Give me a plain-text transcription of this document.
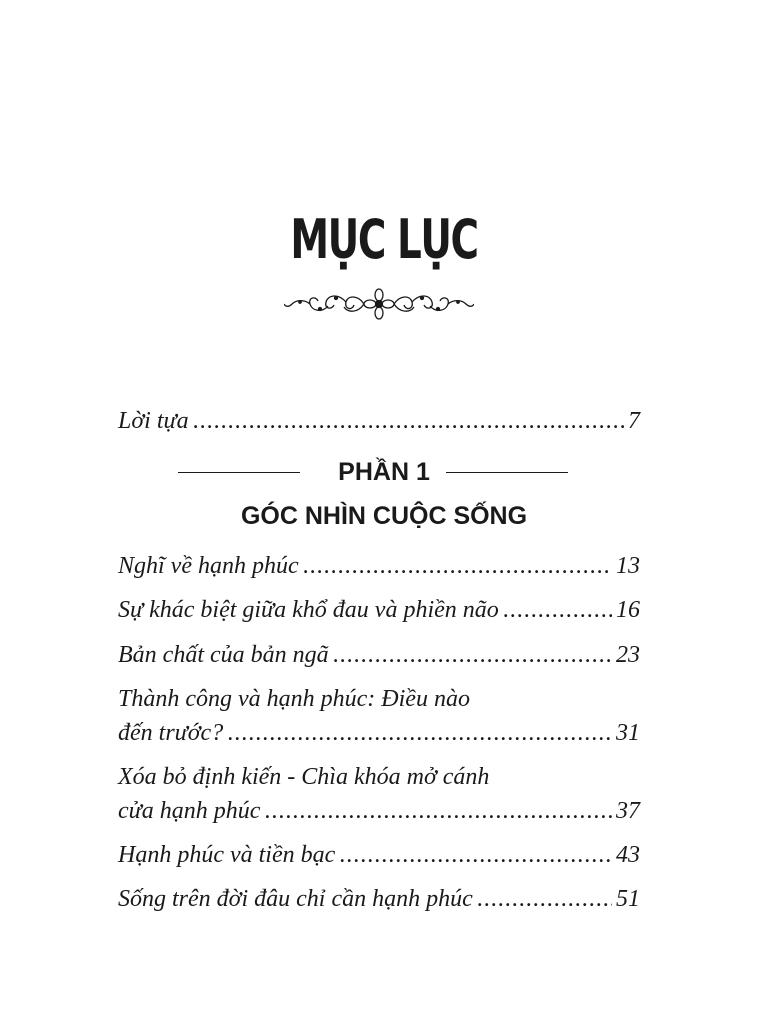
MỤC LỤC
Lời tựa .....	7
PHẦN 1
GÓC NHÌN CUỘC SỐNG
Nghĩ về hạnh phúc .....	13
Sự khác biệt giữa khổ đau và phiền não .....	16
Bản chất của bản ngã .....	23
Thành công và hạnh phúc: Điều nào
đến trước? .....	31
Xóa bỏ định kiến - Chìa khóa mở cánh
cửa hạnh phúc .....	37
Hạnh phúc và tiền bạc .....	43
Sống trên đời đâu chỉ cần hạnh phúc .....	51
